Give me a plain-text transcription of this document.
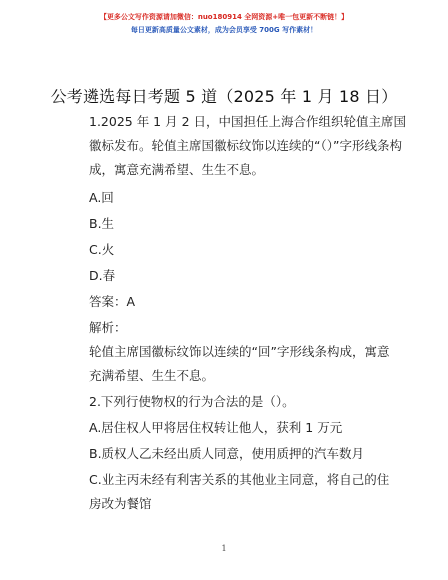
【更多公文写作资源请加微信：nuo180914 全网资源+唯一包更新不断链！】
每日更新高质量公文素材，成为会员享受 700G 写作素材！
公考遴选每日考题 5 道（2025 年 1 月 18 日）
1.2025 年 1 月 2 日，中国担任上海合作组织轮值主席国
徽标发布。轮值主席国徽标纹饰以连续的“（）”字形线条构
成，寓意充满希望、生生不息。
A.回
B.生
C.火
D.春
答案：A
解析：
轮值主席国徽标纹饰以连续的“回”字形线条构成，寓意
充满希望、生生不息。
2.下列行使物权的行为合法的是（）。
A.居住权人甲将居住权转让他人，获利 1 万元
B.质权人乙未经出质人同意，使用质押的汽车数月
C.业主丙未经有利害关系的其他业主同意，将自己的住
房改为餐馆
1
